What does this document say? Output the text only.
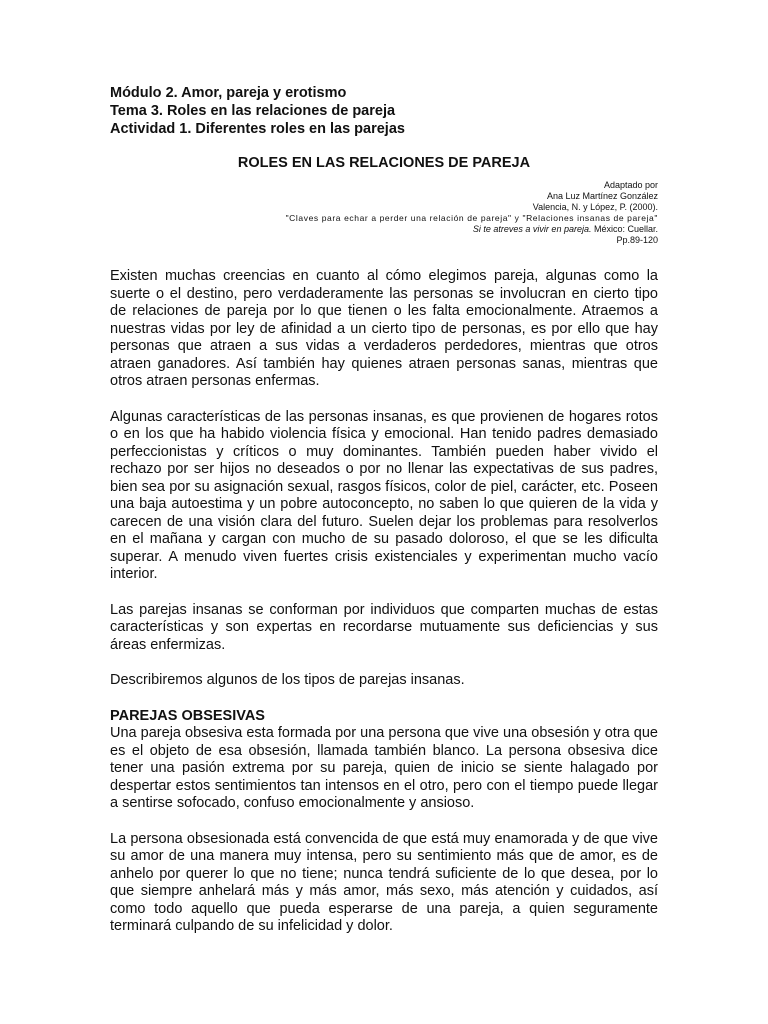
Módulo 2. Amor, pareja y erotismo

Tema 3. Roles en las relaciones de pareja

Actividad 1. Diferentes roles en las parejas

ROLES EN LAS RELACIONES DE PAREJA
Adaptado por
Ana Luz Martínez González
Valencia, N. y López, P. (2000).
"Claves para echar a perder una relación de pareja" y "Relaciones insanas de pareja"
Si te atreves a vivir en pareja. México: Cuellar.
Pp.89-120

Existen muchas creencias en cuanto al cómo elegimos pareja, algunas como la suerte o el destino, pero verdaderamente las personas se involucran en cierto tipo de relaciones de pareja por lo que tienen o les falta emocionalmente. Atraemos a nuestras vidas por ley de afinidad a un cierto tipo de personas, es por ello que hay personas que atraen a sus vidas a verdaderos perdedores, mientras que otros atraen ganadores. Así también hay quienes atraen personas sanas, mientras que otros atraen personas enfermas.

Algunas características de las personas insanas, es que provienen de hogares rotos o en los que ha habido violencia física y emocional. Han tenido padres demasiado perfeccionistas y críticos o muy dominantes. También pueden haber vivido el rechazo por ser hijos no deseados o por no llenar las expectativas de sus padres, bien sea por su asignación sexual, rasgos físicos, color de piel, carácter, etc. Poseen una baja autoestima y un pobre autoconcepto, no saben lo que quieren de la vida y carecen de una visión clara del futuro. Suelen dejar los problemas para resolverlos en el mañana y cargan con mucho de su pasado doloroso, el que se les dificulta superar. A menudo viven fuertes crisis existenciales y experimentan mucho vacío interior.

Las parejas insanas se conforman por individuos que comparten muchas de estas características y son expertas en recordarse mutuamente sus deficiencias y sus áreas enfermizas.

Describiremos algunos de los tipos de parejas insanas.

PAREJAS OBSESIVAS

Una pareja obsesiva esta formada por una persona que vive una obsesión y otra que es el objeto de esa obsesión, llamada también blanco. La persona obsesiva dice tener una pasión extrema por su pareja, quien de inicio se siente halagado por despertar estos sentimientos tan intensos en el otro, pero con el tiempo puede llegar a sentirse sofocado, confuso emocionalmente y ansioso.

La persona obsesionada está convencida de que está muy enamorada y de que vive su amor de una manera muy intensa, pero su sentimiento más que de amor, es de anhelo por querer lo que no tiene; nunca tendrá suficiente de lo que desea, por lo que siempre anhelará más y más amor, más sexo, más atención y cuidados, así como todo aquello que pueda esperarse de una pareja, a quien seguramente terminará culpando de su infelicidad y dolor.
